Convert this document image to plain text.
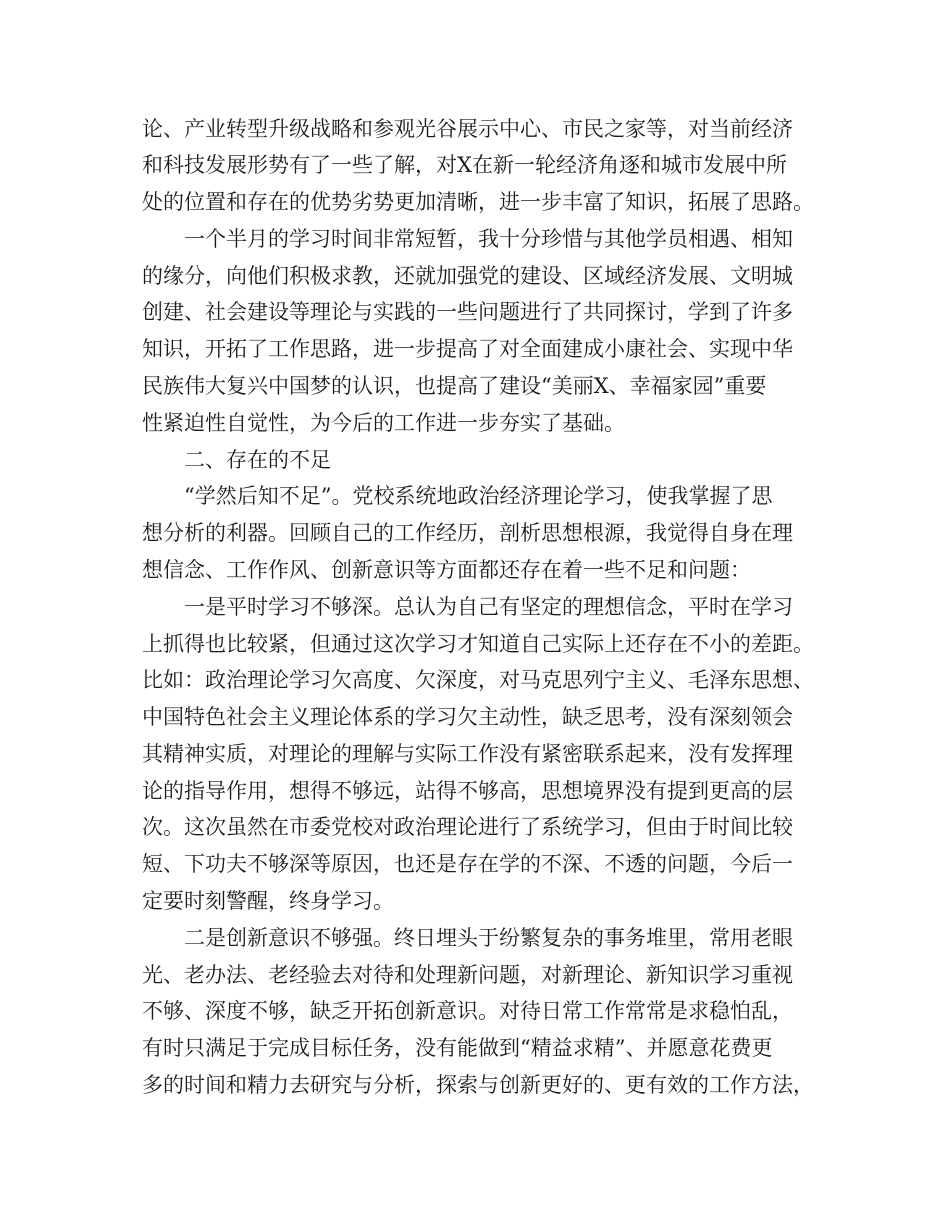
论、产业转型升级战略和参观光谷展示中心、市民之家等，对当前经济

和科技发展形势有了一些了解，对X在新一轮经济角逐和城市发展中所

处的位置和存在的优势劣势更加清晰，进一步丰富了知识，拓展了思路。

一个半月的学习时间非常短暂，我十分珍惜与其他学员相遇、相知

的缘分，向他们积极求教，还就加强党的建设、区域经济发展、文明城

创建、社会建设等理论与实践的一些问题进行了共同探讨，学到了许多

知识，开拓了工作思路，进一步提高了对全面建成小康社会、实现中华

民族伟大复兴中国梦的认识，也提高了建设“美丽X、幸福家园”重要

性紧迫性自觉性，为今后的工作进一步夯实了基础。

二、存在的不足

“学然后知不足”。党校系统地政治经济理论学习，使我掌握了思

想分析的利器。回顾自己的工作经历，剖析思想根源，我觉得自身在理

想信念、工作作风、创新意识等方面都还存在着一些不足和问题：

一是平时学习不够深。总认为自己有坚定的理想信念，平时在学习

上抓得也比较紧，但通过这次学习才知道自己实际上还存在不小的差距。

比如：政治理论学习欠高度、欠深度，对马克思列宁主义、毛泽东思想、

中国特色社会主义理论体系的学习欠主动性，缺乏思考，没有深刻领会

其精神实质，对理论的理解与实际工作没有紧密联系起来，没有发挥理

论的指导作用，想得不够远，站得不够高，思想境界没有提到更高的层

次。这次虽然在市委党校对政治理论进行了系统学习，但由于时间比较

短、下功夫不够深等原因，也还是存在学的不深、不透的问题，今后一

定要时刻警醒，终身学习。

二是创新意识不够强。终日埋头于纷繁复杂的事务堆里，常用老眼

光、老办法、老经验去对待和处理新问题，对新理论、新知识学习重视

不够、深度不够，缺乏开拓创新意识。对待日常工作常常是求稳怕乱，

有时只满足于完成目标任务，没有能做到“精益求精”、并愿意花费更

多的时间和精力去研究与分析，探索与创新更好的、更有效的工作方法，
